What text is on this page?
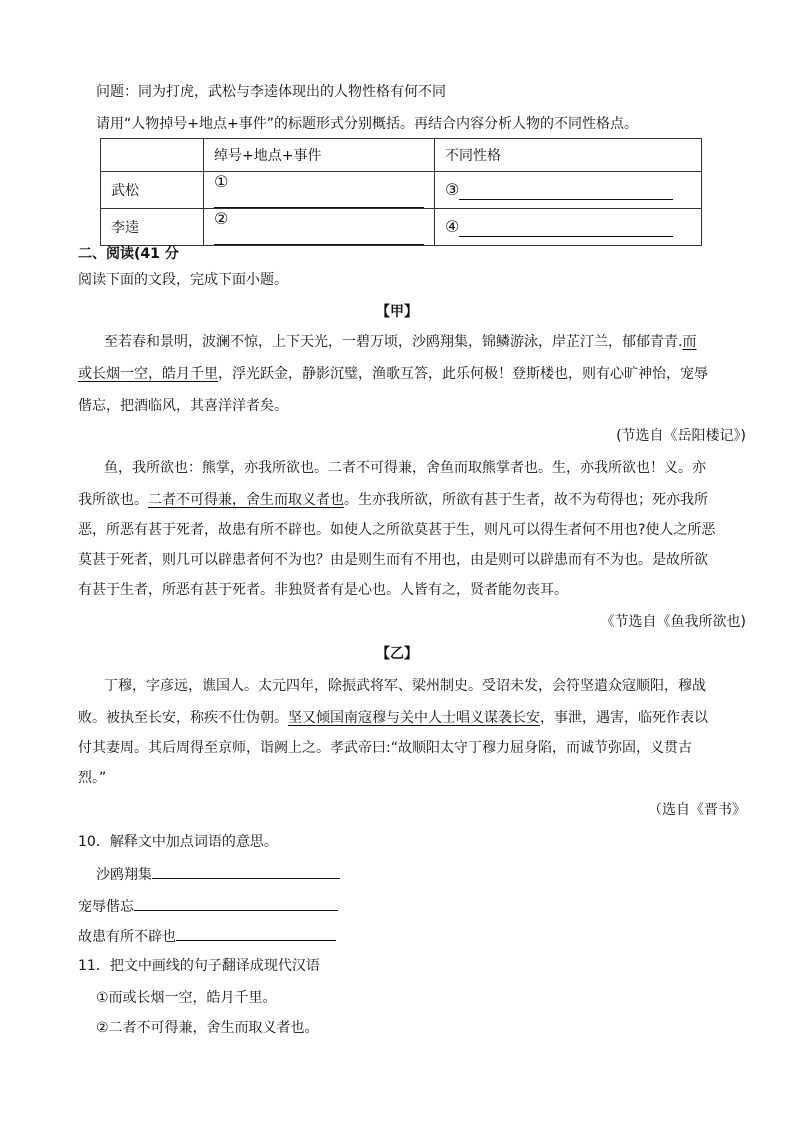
问题：同为打虎，武松与李逵体现出的人物性格有何不同
请用“人物掉号+地点+事件”的标题形式分别概括。再结合内容分析人物的不同性格点。
	绰号+地点+事件	不同性格
武松	①	③
李逵	②	④
二、阅读(41 分
阅读下面的文段，完成下面小题。
【甲】
至若春和景明，波澜不惊，上下天光，一碧万顷，沙鸥翔集，锦鳞游泳，岸芷汀兰，郁郁青青.而
或长烟一空，皓月千里，浮光跃金，静影沉璧，渔歌互答，此乐何极！登斯楼也，则有心旷神怡，宠辱
偕忘，把酒临风，其喜洋洋者矣。
(节选自《岳阳楼记》)
鱼，我所欲也：熊掌，亦我所欲也。二者不可得兼，舍鱼而取熊掌者也。生，亦我所欲也！义。亦
我所欲也。二者不可得兼，舍生而取义者也。生亦我所欲，所欲有甚于生者，故不为苟得也；死亦我所
恶，所恶有甚于死者，故患有所不辟也。如使人之所欲莫甚于生，则凡可以得生者何不用也?使人之所恶
莫甚于死者，则几可以辟患者何不为也？由是则生而有不用也，由是则可以辟患而有不为也。是故所欲
有甚于生者，所恶有甚于死者。非独贤者有是心也。人皆有之，贤者能勿丧耳。
《节选自《鱼我所欲也)
【乙】
丁穆，字彦远，谯国人。太元四年，除振武将军、梁州制史。受诏未发，会符坚遣众寇顺阳，穆战
败。被执至长安，称疾不仕伪朝。坚又倾国南寇穆与关中人士唱义谋袭长安，事泄，遇害，临死作表以
付其妻周。其后周得至京师，诣阙上之。孝武帝曰:“故顺阳太守丁穆力屈身陷，而诚节弥固，义贯古
烈。”
（选自《晋书》
10．解释文中加点词语的意思。
沙鸥翔集
宠辱偕忘
故患有所不辟也
11．把文中画线的句子翻译成现代汉语
①而或长烟一空，皓月千里。
②二者不可得兼，舍生而取义者也。
